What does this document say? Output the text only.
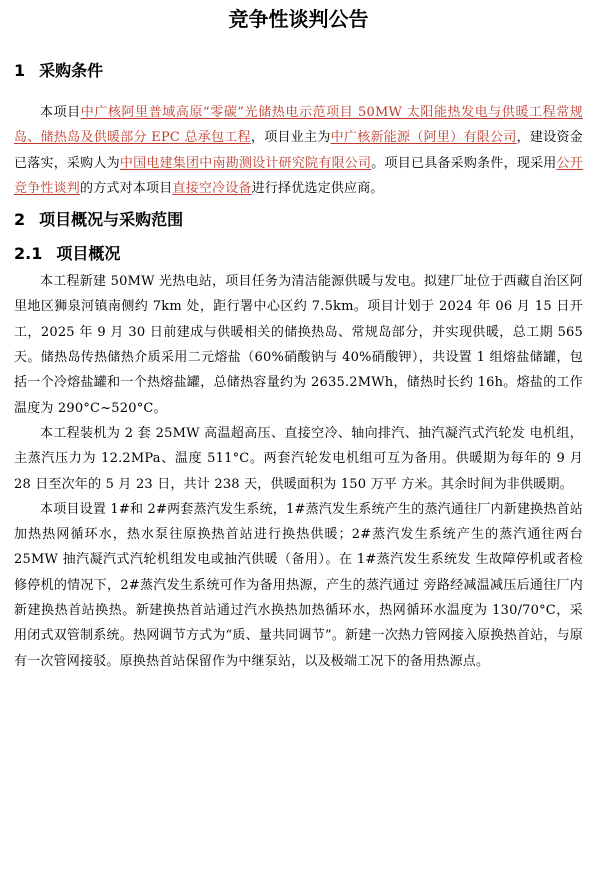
竞争性谈判公告
1 采购条件

本项目中广核阿里普域高原“零碳”光储热电示范项目 50MW 太阳能热发电与供暖工程常规岛、储热岛及供暖部分 EPC 总承包工程，项目业主为中广核新能源（阿里）有限公司，建设资金已落实，采购人为中国电建集团中南勘测设计研究院有限公司。项目已具备采购条件，现采用公开竞争性谈判的方式对本项目直接空冷设备进行择优选定供应商。

2 项目概况与采购范围
2.1 项目概况

本工程新建 50MW 光热电站，项目任务为清洁能源供暖与发电。拟建厂址位于西藏自治区阿里地区狮泉河镇南侧约 7km 处，距行署中心区约 7.5km。项目计划于 2024 年 06 月 15 日开工，2025 年 9 月 30 日前建成与供暖相关的储换热岛、常规岛部分，并实现供暖，总工期 565 天。储热岛传热储热介质采用二元熔盐（60%硝酸钠与 40%硝酸钾），共设置 1 组熔盐储罐，包括一个冷熔盐罐和一个热熔盐罐，总储热容量约为 2635.2MWh，储热时长约 16h。熔盐的工作温度为 290°C~520°C。

本工程装机为 2 套 25MW 高温超高压、直接空冷、轴向排汽、抽汽凝汽式汽轮发 电机组，主蒸汽压力为 12.2MPa、温度 511°C。两套汽轮发电机组可互为备用。供暖期为每年的 9 月 28 日至次年的 5 月 23 日，共计 238 天，供暖面积为 150 万平 方米。其余时间为非供暖期。

本项目设置 1#和 2#两套蒸汽发生系统，1#蒸汽发生系统产生的蒸汽通往厂内新建换热首站加热热网循环水，热水泵往原换热首站进行换热供暖；2#蒸汽发生系统产生的蒸汽通往两台 25MW 抽汽凝汽式汽轮机组发电或抽汽供暖（备用）。在 1#蒸汽发生系统发 生故障停机或者检修停机的情况下，2#蒸汽发生系统可作为备用热源，产生的蒸汽通过 旁路经减温减压后通往厂内新建换热首站换热。新建换热首站通过汽水换热加热循环水，热网循环水温度为 130/70°C，采用闭式双管制系统。热网调节方式为“质、量共同调节”。新建一次热力管网接入原换热首站，与原有一次管网接驳。原换热首站保留作为中继泵站，以及极端工况下的备用热源点。
